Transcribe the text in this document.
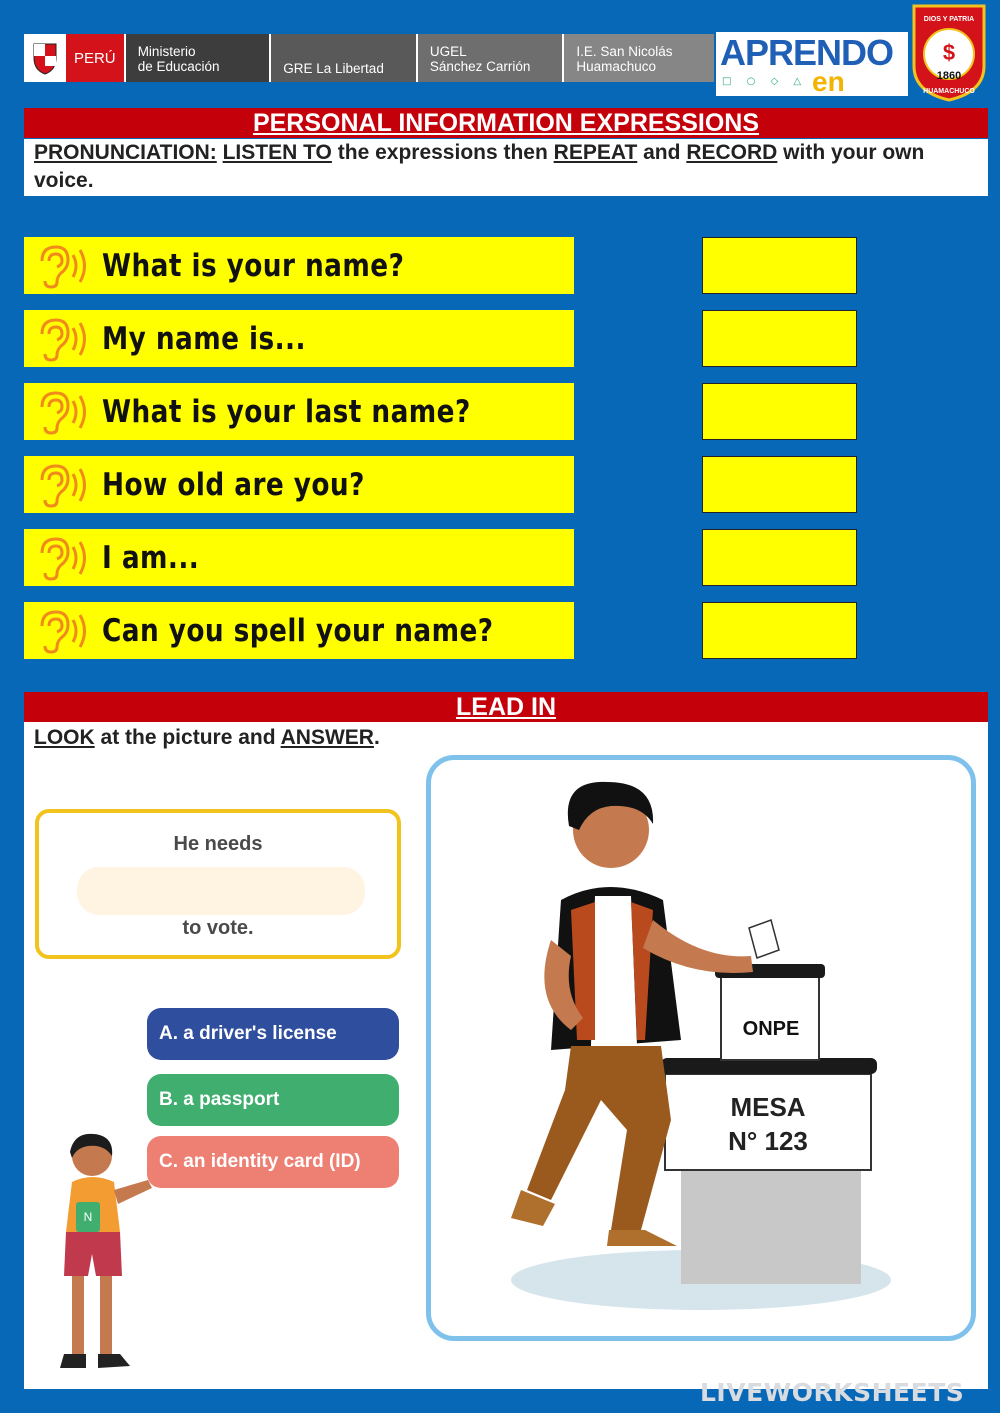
PERÚ	Ministerio
de Educación	GRE La Libertad
UGEL
Sánchez Carrión
I.E. San Nicolás
Huamachuco	APRENDO
□ ○ ◇ △ en
$
DIOS Y PATRIA
1860
HUAMACHUCO
PERSONAL INFORMATION EXPRESSIONS
PRONUNCIATION: LISTEN TO the expressions then REPEAT and RECORD with your own voice.
What is your name?
My name is...
What is your last name?
How old are you?
I am...
Can you spell your name?
LEAD IN
LOOK at the picture and ANSWER.
He needs
to vote.
A. a driver's license
B. a passport
C. an identity card (ID)
N
ONPE
MESA
N° 123
LIVEWORKSHEETS
